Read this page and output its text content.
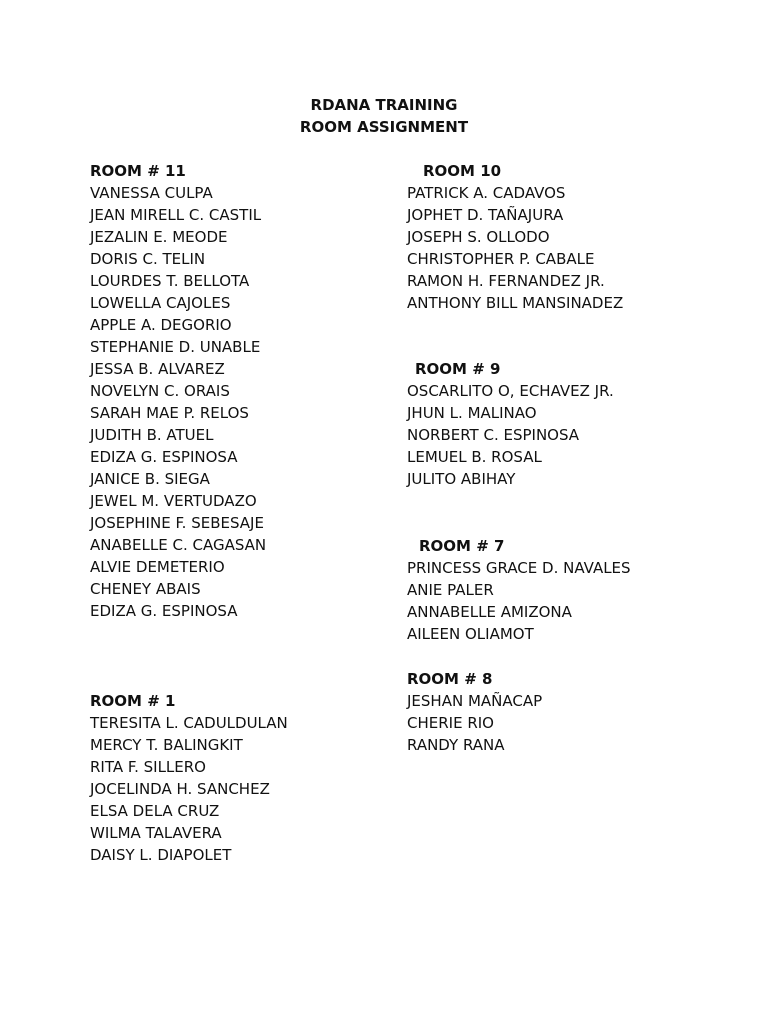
RDANA TRAINING
ROOM ASSIGNMENT
ROOM # 11
VANESSA CULPA
JEAN MIRELL C. CASTIL
JEZALIN E. MEODE
DORIS C. TELIN
LOURDES T. BELLOTA
LOWELLA CAJOLES
APPLE A. DEGORIO
STEPHANIE D. UNABLE
JESSA B. ALVAREZ
NOVELYN C. ORAIS
SARAH MAE P. RELOS
JUDITH B. ATUEL
EDIZA G. ESPINOSA
JANICE B. SIEGA
JEWEL M. VERTUDAZO
JOSEPHINE F. SEBESAJE
ANABELLE C. CAGASAN
ALVIE DEMETERIO
CHENEY ABAIS
EDIZA G. ESPINOSA
ROOM # 1
TERESITA L. CADULDULAN
MERCY T. BALINGKIT
RITA F. SILLERO
JOCELINDA H. SANCHEZ
ELSA DELA CRUZ
WILMA TALAVERA
DAISY L. DIAPOLET
ROOM 10
PATRICK A. CADAVOS
JOPHET D. TAÑAJURA
JOSEPH S. OLLODO
CHRISTOPHER P. CABALE
RAMON H. FERNANDEZ JR.
ANTHONY BILL MANSINADEZ
ROOM # 9
OSCARLITO O, ECHAVEZ JR.
JHUN L. MALINAO
NORBERT C. ESPINOSA
LEMUEL B. ROSAL
JULITO ABIHAY
ROOM # 7
PRINCESS GRACE D. NAVALES
ANIE PALER
ANNABELLE AMIZONA
AILEEN OLIAMOT
ROOM # 8
JESHAN MAÑACAP
CHERIE RIO
RANDY RANA
